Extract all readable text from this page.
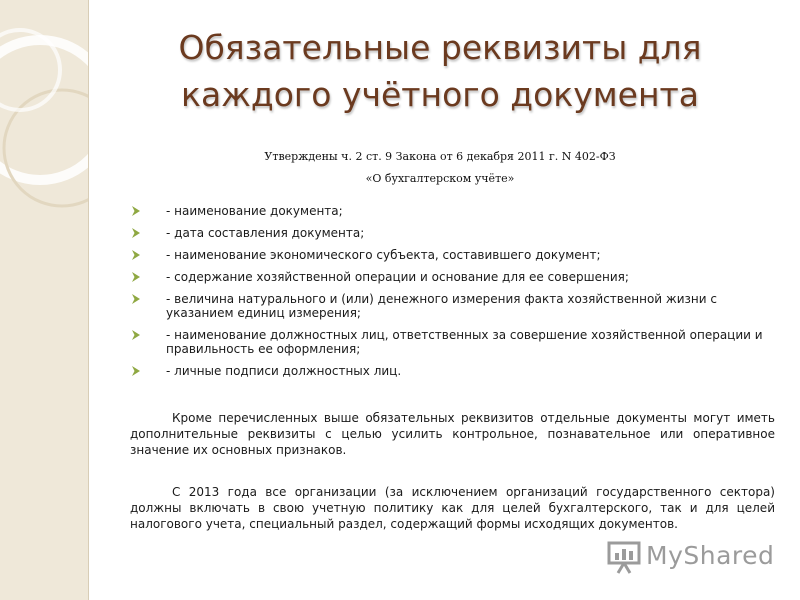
Обязательные реквизиты для
каждого учётного документа
Утверждены ч. 2 ст. 9 Закона от 6 декабря 2011 г. N 402-ФЗ
«О бухгалтерском учёте»
- наименование документа;
- дата составления документа;
- наименование экономического субъекта, составившего документ;
- содержание хозяйственной операции и основание для ее совершения;
- величина натурального и (или) денежного измерения факта хозяйственной жизни с указанием единиц измерения;
- наименование должностных лиц, ответственных за совершение хозяйственной операции и правильность ее оформления;
- личные подписи должностных лиц.

Кроме перечисленных выше обязательных реквизитов отдельные документы могут иметь дополнительные реквизиты с целью усилить контрольное, познавательное или оперативное значение их основных признаков.

С 2013 года все организации (за исключением организаций государственного сектора) должны включать в свою учетную политику как для целей бухгалтерского, так и для целей налогового учета, специальный раздел, содержащий формы исходящих документов.

MyShared
